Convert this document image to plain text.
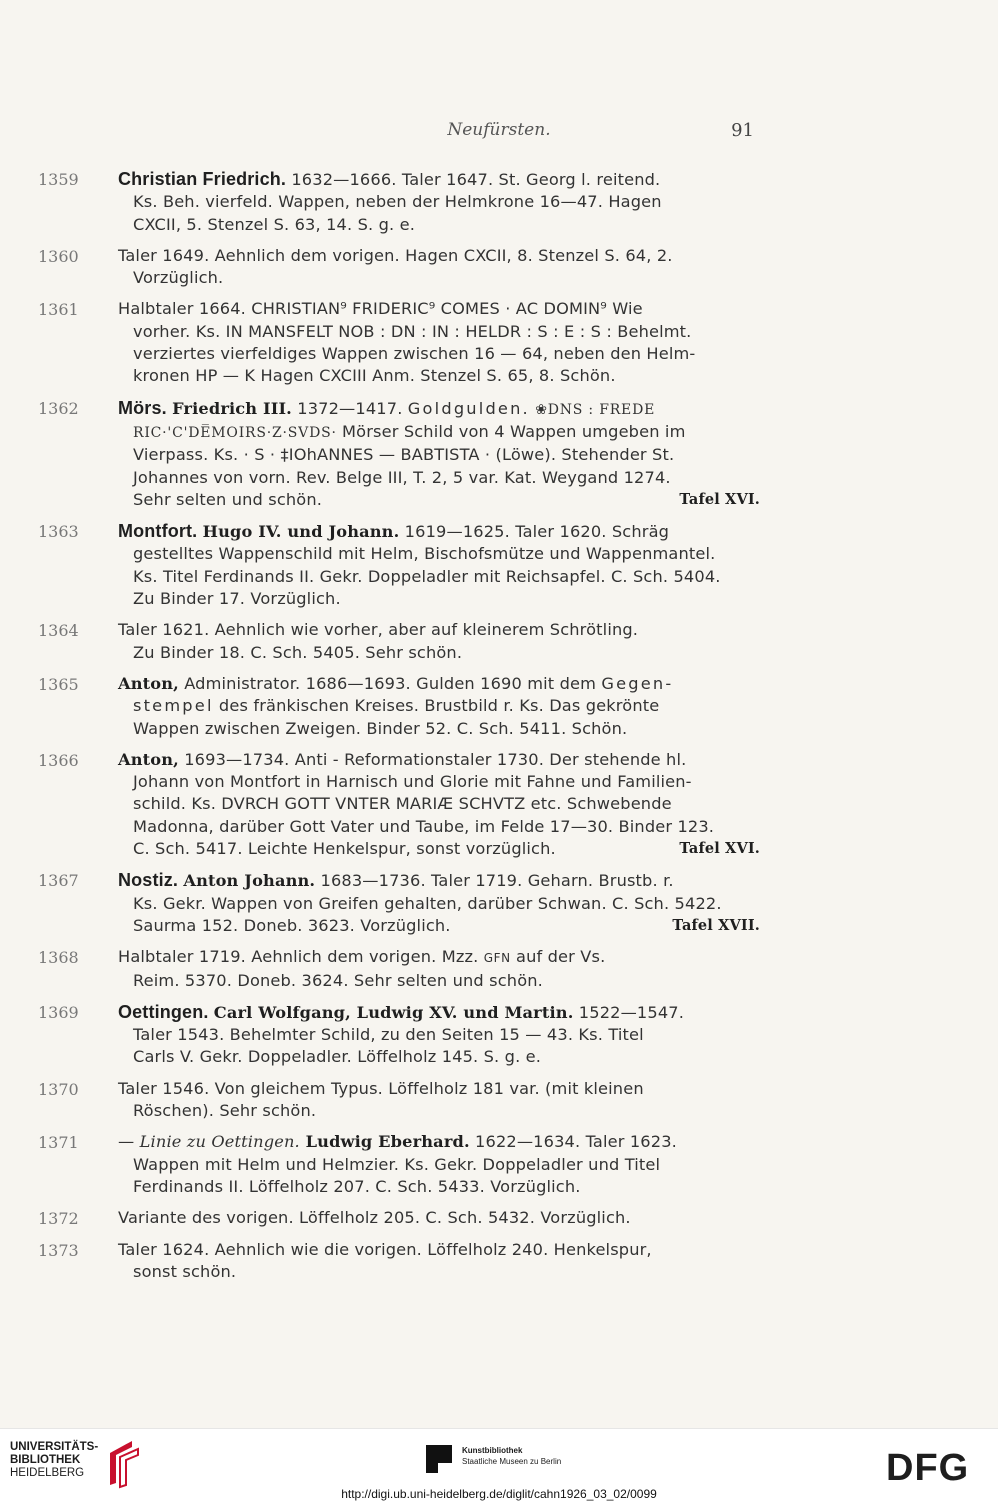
Neufürsten.	91
1359	Christian Friedrich. 1632—1666. Taler 1647. St. Georg l. reitend.
Ks. Beh. vierfeld. Wappen, neben der Helmkrone 16—47. Hagen
CXCII, 5. Stenzel S. 63, 14. S. g. e.
1360	Taler 1649. Aehnlich dem vorigen. Hagen CXCII, 8. Stenzel S. 64, 2.
Vorzüglich.
1361	Halbtaler 1664. CHRISTIAN⁹ FRIDERIC⁹ COMES · AC DOMIN⁹ Wie
vorher. Ks. IN MANSFELT NOB : DN : IN : HELDR : S : E : S : Behelmt.
verziertes vierfeldiges Wappen zwischen 16 — 64, neben den Helm-
kronen HP — K Hagen CXCIII Anm. Stenzel S. 65, 8. Schön.
1362	Mörs. Friedrich III. 1372—1417. Goldgulden. ❀DNS : FREDE
RIC·'C'DE̅MOIRS·Z·SVDS· Mörser Schild von 4 Wappen umgeben im
Vierpass. Ks. · S · ‡IOhANNES — BABTISTA · (Löwe). Stehender St.
Johannes von vorn. Rev. Belge III, T. 2, 5 var. Kat. Weygand 1274.
Sehr selten und schön.	Tafel XVI.
1363	Montfort. Hugo IV. und Johann. 1619—1625. Taler 1620. Schräg
gestelltes Wappenschild mit Helm, Bischofsmütze und Wappenmantel.
Ks. Titel Ferdinands II. Gekr. Doppeladler mit Reichsapfel. C. Sch. 5404.
Zu Binder 17. Vorzüglich.
1364	Taler 1621. Aehnlich wie vorher, aber auf kleinerem Schrötling.
Zu Binder 18. C. Sch. 5405. Sehr schön.
1365	Anton, Administrator. 1686—1693. Gulden 1690 mit dem Gegen-
stempel des fränkischen Kreises. Brustbild r. Ks. Das gekrönte
Wappen zwischen Zweigen. Binder 52. C. Sch. 5411. Schön.
1366	Anton, 1693—1734. Anti - Reformationstaler 1730. Der stehende hl.
Johann von Montfort in Harnisch und Glorie mit Fahne und Familien-
schild. Ks. DVRCH GOTT VNTER MARIÆ SCHVTZ etc. Schwebende
Madonna, darüber Gott Vater und Taube, im Felde 17—30. Binder 123.
C. Sch. 5417. Leichte Henkelspur, sonst vorzüglich.	Tafel XVI.
1367	Nostiz. Anton Johann. 1683—1736. Taler 1719. Geharn. Brustb. r.
Ks. Gekr. Wappen von Greifen gehalten, darüber Schwan. C. Sch. 5422.
Saurma 152. Doneb. 3623. Vorzüglich.	Tafel XVII.
1368	Halbtaler 1719. Aehnlich dem vorigen. Mzz. GFN auf der Vs.
Reim. 5370. Doneb. 3624. Sehr selten und schön.
1369	Oettingen. Carl Wolfgang, Ludwig XV. und Martin. 1522—1547.
Taler 1543. Behelmter Schild, zu den Seiten 15 — 43. Ks. Titel
Carls V. Gekr. Doppeladler. Löffelholz 145. S. g. e.
1370	Taler 1546. Von gleichem Typus. Löffelholz 181 var. (mit kleinen
Röschen). Sehr schön.
1371	— Linie zu Oettingen. Ludwig Eberhard. 1622—1634. Taler 1623.
Wappen mit Helm und Helmzier. Ks. Gekr. Doppeladler und Titel
Ferdinands II. Löffelholz 207. C. Sch. 5433. Vorzüglich.
1372	Variante des vorigen. Löffelholz 205. C. Sch. 5432. Vorzüglich.
1373	Taler 1624. Aehnlich wie die vorigen. Löffelholz 240. Henkelspur,
sonst schön.
UNIVERSITÄTS-
BIBLIOTHEK
HEIDELBERG
Kunstbibliothek
Staatliche Museen zu Berlin	DFG
http://digi.ub.uni-heidelberg.de/diglit/cahn1926_03_02/0099
